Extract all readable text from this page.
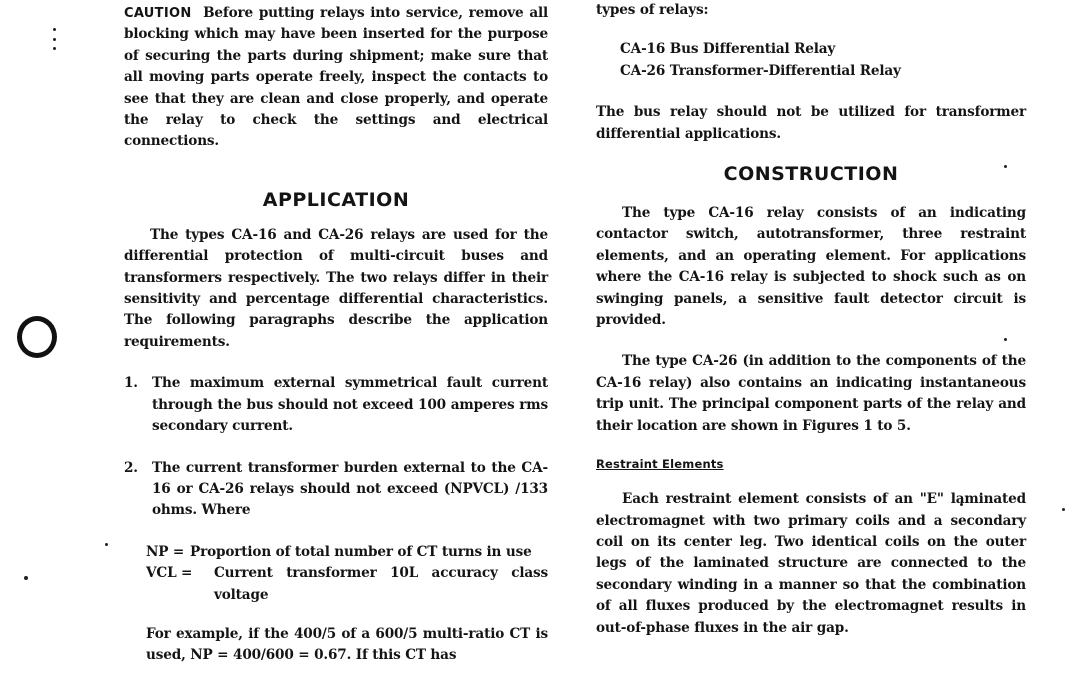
CAUTION Before putting relays into service, remove all blocking which may have been inserted for the purpose of securing the parts during shipment; make sure that all moving parts operate freely, inspect the contacts to see that they are clean and close properly, and operate the relay to check the settings and electrical connections.

APPLICATION

The types CA-16 and CA-26 relays are used for the differential protection of multi-circuit buses and transformers respectively. The two relays differ in their sensitivity and percentage differential characteristics. The following paragraphs describe the application requirements.

1. The maximum external symmetrical fault current through the bus should not exceed 100 amperes rms secondary current.
2. The current transformer burden external to the CA-16 or CA-26 relays should not exceed (NPVCL) /133 ohms. Where
NP = Proportion of total number of CT turns in use
VCL =	Current transformer 10L accuracy class voltage

For example, if the 400/5 of a 600/5 multi-ratio CT is used, NP = 400/600 = 0.67. If this CT has

types of relays:
CA-16 Bus Differential Relay
CA-26 Transformer-Differential Relay

The bus relay should not be utilized for transformer differential applications.

CONSTRUCTION

The type CA-16 relay consists of an indicating contactor switch, autotransformer, three restraint elements, and an operating element. For applications where the CA-16 relay is subjected to shock such as on swinging panels, a sensitive fault detector circuit is provided.

The type CA-26 (in addition to the components of the CA-16 relay) also contains an indicating instantaneous trip unit. The principal component parts of the relay and their location are shown in Figures 1 to 5.

Restraint Elements

Each restraint element consists of an "E" laminated electromagnet with two primary coils and a secondary coil on its center leg. Two identical coils on the outer legs of the laminated structure are connected to the secondary winding in a manner so that the combination of all fluxes produced by the electromagnet results in out-of-phase fluxes in the air gap.
